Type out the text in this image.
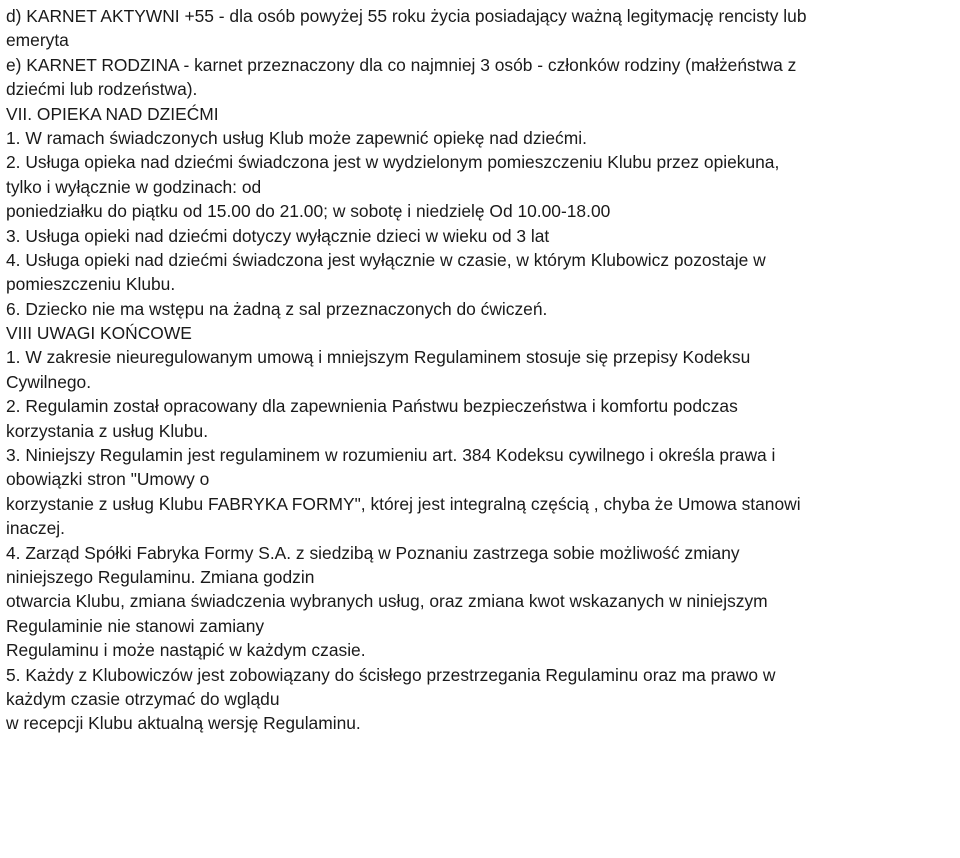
d) KARNET AKTYWNI +55 - dla osób powyżej 55 roku życia posiadający ważną legitymację rencisty lub

emeryta

e) KARNET RODZINA - karnet przeznaczony dla co najmniej 3 osób - członków rodziny (małżeństwa z

dziećmi lub rodzeństwa).

VII. OPIEKA NAD DZIEĆMI

1. W ramach świadczonych usług Klub może zapewnić opiekę nad dziećmi.

2. Usługa opieka nad dziećmi świadczona jest w wydzielonym pomieszczeniu Klubu przez opiekuna,

tylko i wyłącznie w godzinach: od

poniedziałku do piątku od 15.00 do 21.00; w sobotę i niedzielę Od 10.00-18.00

3. Usługa opieki nad dziećmi dotyczy wyłącznie dzieci w wieku od 3 lat

4. Usługa opieki nad dziećmi świadczona jest wyłącznie w czasie, w którym Klubowicz pozostaje w

pomieszczeniu Klubu.

6. Dziecko nie ma wstępu na żadną z sal przeznaczonych do ćwiczeń.

VIII UWAGI KOŃCOWE

1. W zakresie nieuregulowanym umową i mniejszym Regulaminem stosuje się przepisy Kodeksu

Cywilnego.

2. Regulamin został opracowany dla zapewnienia Państwu bezpieczeństwa i komfortu podczas

korzystania z usług Klubu.

3. Niniejszy Regulamin jest regulaminem w rozumieniu art. 384 Kodeksu cywilnego i określa prawa i

obowiązki stron "Umowy o

korzystanie z usług Klubu FABRYKA FORMY", której jest integralną częścią , chyba że Umowa stanowi

inaczej.

4. Zarząd Spółki Fabryka Formy S.A. z siedzibą w Poznaniu zastrzega sobie możliwość zmiany

niniejszego Regulaminu. Zmiana godzin

otwarcia Klubu, zmiana świadczenia wybranych usług, oraz zmiana kwot wskazanych w niniejszym

Regulaminie nie stanowi zamiany

Regulaminu i może nastąpić w każdym czasie.

5. Każdy z Klubowiczów jest zobowiązany do ścisłego przestrzegania Regulaminu oraz ma prawo w

każdym czasie otrzymać do wglądu

w recepcji Klubu aktualną wersję Regulaminu.
